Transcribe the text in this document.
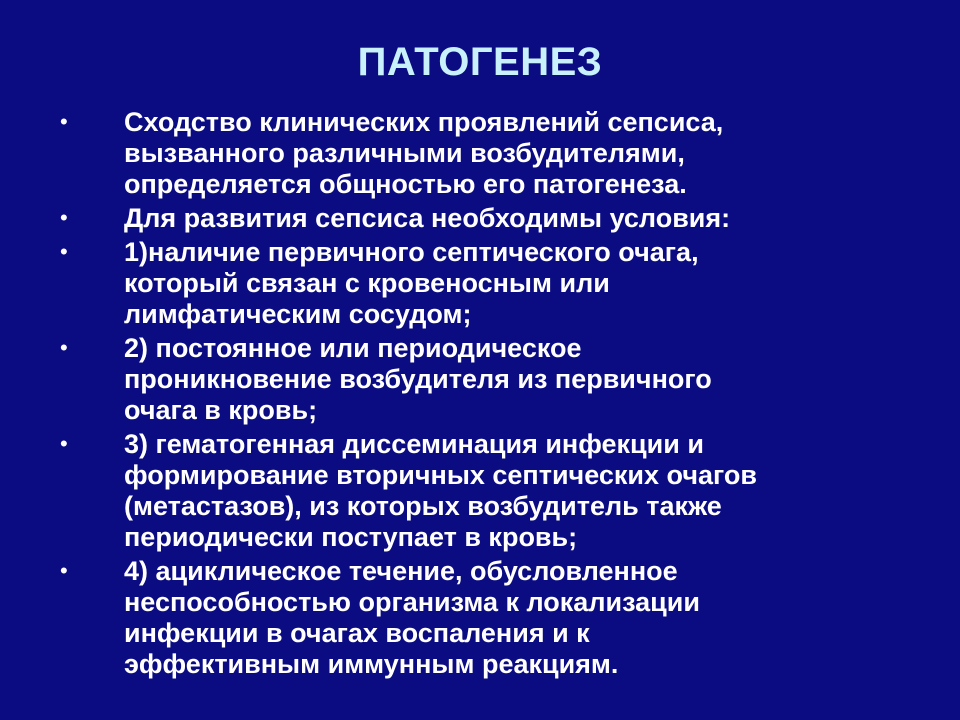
ПАТОГЕНЕЗ
• Сходство клинических проявлений сепсиса,
вызванного различными возбудителями,
определяется общностью его патогенеза.
• Для развития сепсиса необходимы условия:
• 1)наличие первичного септического очага,
который связан с кровеносным или
лимфатическим сосудом;
• 2) постоянное или периодическое
проникновение возбудителя из первичного
очага в кровь;
• 3) гематогенная диссеминация инфекции и
формирование вторичных септических очагов
(метастазов), из которых возбудитель также
периодически поступает в кровь;
• 4) ациклическое течение, обусловленное
неспособностью организма к локализации
инфекции в очагах воспаления и к
эффективным иммунным реакциям.
